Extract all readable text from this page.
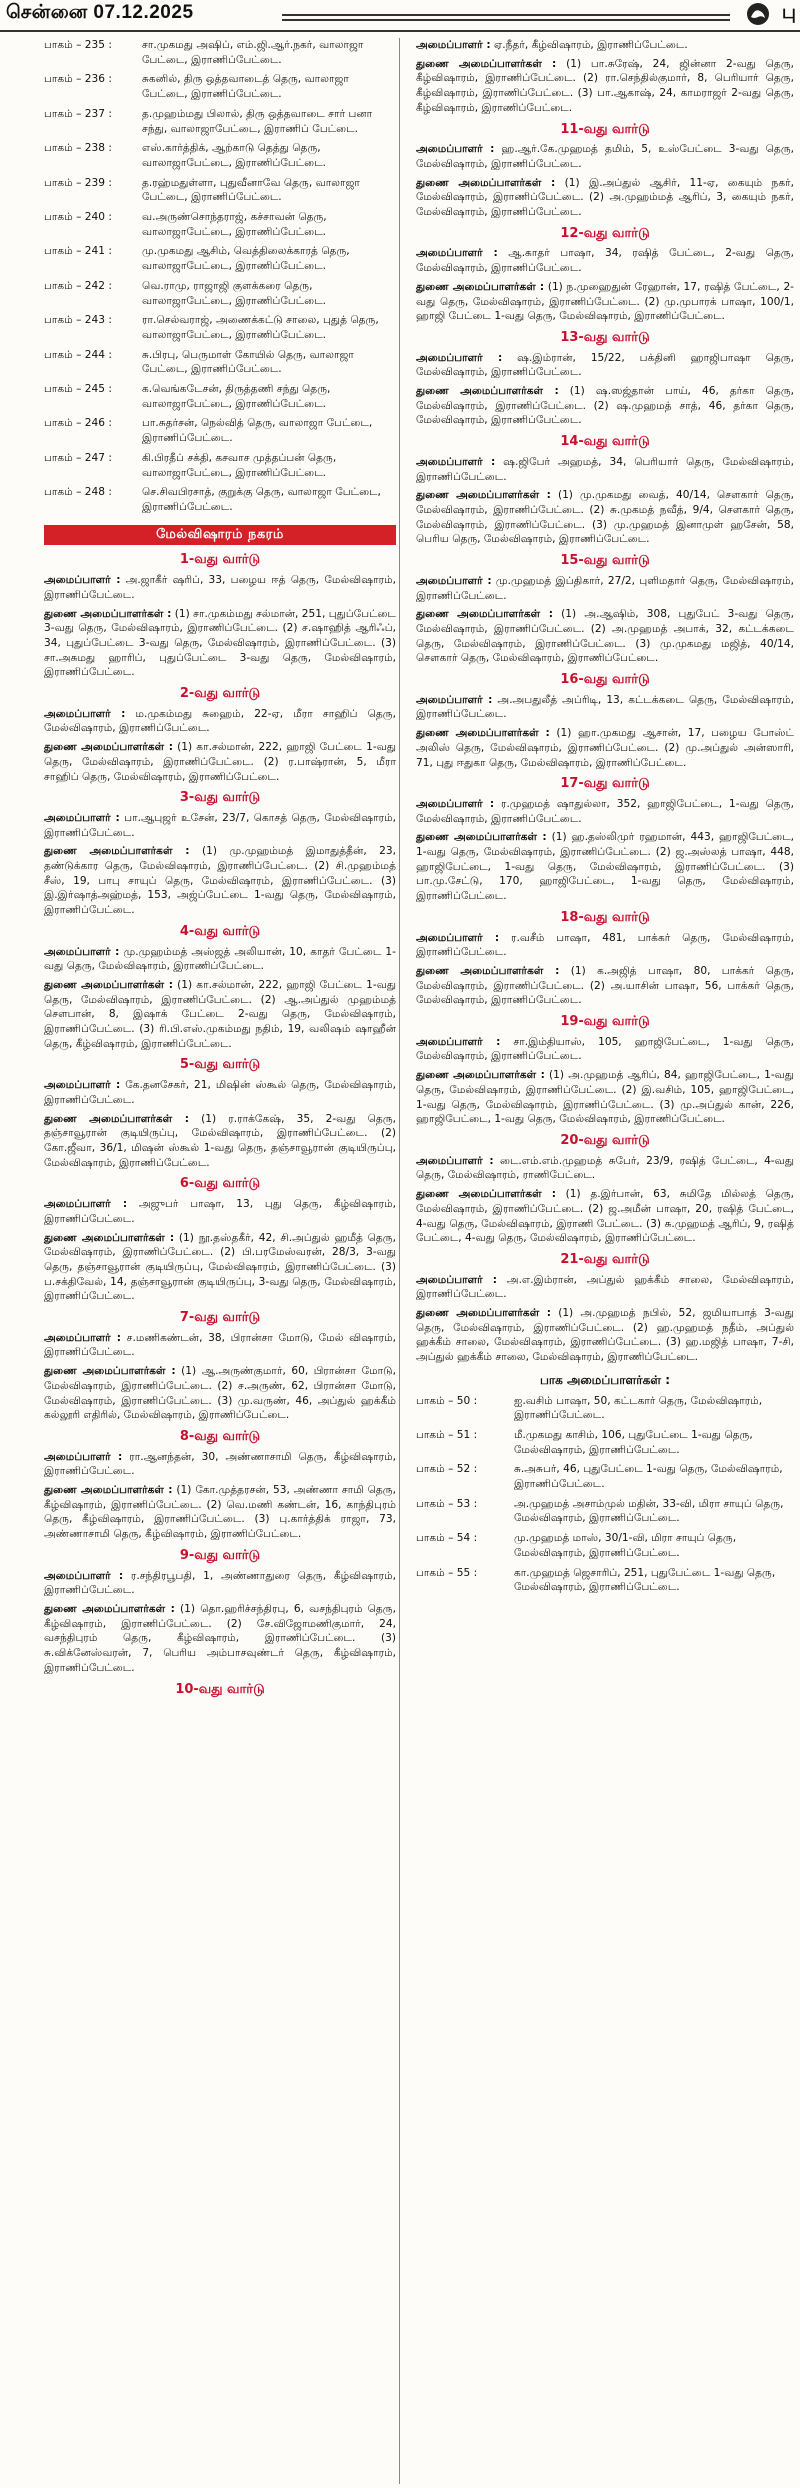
சென்னை 07.12.2025	பு
பாகம் – 235 :	சா.முகமது அஷிப், எம்.ஜி.ஆர்.நகர், வாலாஜா பேட்டை, இராணிப்பேட்டை.
பாகம் – 236 :	சுகனில், திரு ஒத்தவாடைத் தெரு, வாலாஜா பேட்டை, இராணிப்பேட்டை.
பாகம் – 237 :	த.முஹம்மது பிலால், திரு ஒத்தவாடை சார் பனா சந்து, வாலாஜாபேட்டை, இராணிப் பேட்டை.
பாகம் – 238 :	எஸ்.கார்த்திக், ஆற்காடு தெத்து தெரு, வாலாஜாபேட்டை, இராணிப்பேட்டை.
பாகம் – 239 :	த.ரஹ்மதுள்ளா, புதுவீனாவே தெரு, வாலாஜா பேட்டை, இராணிப்பேட்டை.
பாகம் – 240 :	வ.அருண்சொந்தராஜ், கச்சாவன் தெரு, வாலாஜாபேட்டை, இராணிப்பேட்டை.
பாகம் – 241 :	மு.முகமது ஆசிம், வெத்திலைக்காரத் தெரு, வாலாஜாபேட்டை, இராணிப்பேட்டை.
பாகம் – 242 :	வெ.ராமு, ராஜாஜி குளக்கரை தெரு, வாலாஜாபேட்டை, இராணிப்பேட்டை.
பாகம் – 243 :	ரா.செல்வராஜ், அணைக்கட்டு சாலை, புதுத் தெரு, வாலாஜாபேட்டை, இராணிப்பேட்டை.
பாகம் – 244 :	சு.பிரபு, பெருமாள் கோயில் தெரு, வாலாஜா பேட்டை, இராணிப்பேட்டை.
பாகம் – 245 :	க.வெங்கடேசன், திருத்தணி சந்து தெரு, வாலாஜாபேட்டை, இராணிப்பேட்டை.
பாகம் – 246 :	பா.சுதர்சன், நெல்வித் தெரு, வாலாஜா பேட்டை, இராணிப்பேட்டை.
பாகம் – 247 :	கி.பிரதீப் சக்தி, கசவாச முத்தப்பன் தெரு, வாலாஜாபேட்டை, இராணிப்பேட்டை.
பாகம் – 248 :	செ.சிவபிரசாத், குறுக்கு தெரு, வாலாஜா பேட்டை, இராணிப்பேட்டை.
மேல்விஷாரம் நகரம்
1-வது வார்டு
அமைப்பாளர் : அ.ஜாகீர் ஷரிப், 33, பழைய ஈத் தெரு, மேல்விஷாரம், இராணிப்பேட்டை.
துணை அமைப்பாளர்கள் : (1) சா.முகம்மது சல்மான், 251, புதுப்பேட்டை 3-வது தெரு, மேல்விஷாரம், இராணிப்பேட்டை. (2) ச.ஷாஹித் ஆரிஃப், 34, புதுப்பேட்டை 3-வது தெரு, மேல்விஷாரம், இராணிப்பேட்டை. (3) சா.அசுமது ஹாரிப், புதுப்பேட்டை 3-வது தெரு, மேல்விஷாரம், இராணிப்பேட்டை.
2-வது வார்டு
அமைப்பாளர் : ம.முகம்மது சுஹைம், 22-ஏ, மீரா சாஹிப் தெரு, மேல்விஷாரம், இராணிப்பேட்டை.
துணை அமைப்பாளர்கள் : (1) கா.சல்மான், 222, ஹாஜி பேட்டை 1-வது தெரு, மேல்விஷாரம், இராணிப்பேட்டை. (2) ர.பாஷ்ரான், 5, மீரா சாஹிப் தெரு, மேல்விஷாரம், இராணிப்பேட்டை.
3-வது வார்டு
அமைப்பாளர் : பா.ஆபுஜர் உசேன், 23/7, கொசத் தெரு, மேல்விஷாரம், இராணிப்பேட்டை.
துணை அமைப்பாளர்கள் : (1) மு.முஹம்மத் இமாதுத்தீன், 23, தண்டுக்கார தெரு, மேல்விஷாரம், இராணிப்பேட்டை. (2) சி.முஹம்மத் சீஸ், 19, பாபு சாயுப் தெரு, மேல்விஷாரம், இராணிப்பேட்டை. (3) இ.இர்ஷாத்அஹ்மத், 153, அஜ்ப்பேட்டை 1-வது தெரு, மேல்விஷாரம், இராணிப்பேட்டை.
4-வது வார்டு
அமைப்பாளர் : மு.முஹம்மத் அஸ்ஜத் அலியான், 10, காதர் பேட்டை 1-வது தெரு, மேல்விஷாரம், இராணிப்பேட்டை.
துணை அமைப்பாளர்கள் : (1) கா.சல்மான், 222, ஹாஜி பேட்டை 1-வது தெரு, மேல்விஷாரம், இராணிப்பேட்டை. (2) ஆ.அப்துல் முஹம்மத் சௌபான், 8, இஷாக் பேட்டை 2-வது தெரு, மேல்விஷாரம், இராணிப்பேட்டை. (3) ரி.பி.எஸ்.முகம்மது நதிம், 19, வலிஷம் ஷாஹீன் தெரு, கீழ்விஷாரம், இராணிப்பேட்டை.
5-வது வார்டு
அமைப்பாளர் : கே.தனசேகர், 21, மிஷின் ஸ்கூல் தெரு, மேல்விஷாரம், இராணிப்பேட்டை.
துணை அமைப்பாளர்கள் : (1) ர.ராக்கேஷ், 35, 2-வது தெரு, தஞ்சாவூரான் குடியிருப்பு, மேல்விஷாரம், இராணிப்பேட்டை. (2) கோ.ஜீவா, 36/1, மிஷன் ஸ்கூல் 1-வது தெரு, தஞ்சாவூரான் குடியிருப்பு, மேல்விஷாரம், இராணிப்பேட்டை.
6-வது வார்டு
அமைப்பாளர் : அஜுபர் பாஷா, 13, புது தெரு, கீழ்விஷாரம், இராணிப்பேட்டை.
துணை அமைப்பாளர்கள் : (1) நூ.தஸ்தகீர், 42, சி.அப்துல் ஹமீத் தெரு, மேல்விஷாரம், இராணிப்பேட்டை. (2) பி.பரமேஸ்வரன், 28/3, 3-வது தெரு, தஞ்சாவூரான் குடியிருப்பு, மேல்விஷாரம், இராணிப்பேட்டை. (3) ப.சக்திவேல், 14, தஞ்சாவூரான் குடியிருப்பு, 3-வது தெரு, மேல்விஷாரம், இராணிப்பேட்டை.
7-வது வார்டு
அமைப்பாளர் : ச.மணிகண்டன், 38, பிரான்சா மோடு, மேல் விஷாரம், இராணிப்பேட்டை.
துணை அமைப்பாளர்கள் : (1) ஆ.அருண்குமார், 60, பிரான்சா மோடு, மேல்விஷாரம், இராணிப்பேட்டை. (2) ச.அருண், 62, பிரான்சா மோடு, மேல்விஷாரம், இராணிப்பேட்டை. (3) மு.வருண், 46, அப்துல் ஹக்கீம் கல்லூரி எதிரில், மேல்விஷாரம், இராணிப்பேட்டை.
8-வது வார்டு
அமைப்பாளர் : ரா.ஆனந்தன், 30, அண்ணாசாமி தெரு, கீழ்விஷாரம், இராணிப்பேட்டை.
துணை அமைப்பாளர்கள் : (1) கோ.முத்தரசன், 53, அண்ணா சாமி தெரு, கீழ்விஷாரம், இராணிப்பேட்டை. (2) வெ.மணி கண்டன், 16, காந்திபுரம் தெரு, கீழ்விஷாரம், இராணிப்பேட்டை. (3) பு.கார்த்திக் ராஜா, 73, அண்ணாசாமி தெரு, கீழ்விஷாரம், இராணிப்பேட்டை.
9-வது வார்டு
அமைப்பாளர் : ர.சந்திரபூபதி, 1, அண்ணாதுரை தெரு, கீழ்விஷாரம், இராணிப்பேட்டை.
துணை அமைப்பாளர்கள் : (1) தொ.ஹரிச்சந்திரபு, 6, வசந்திபுரம் தெரு, கீழ்விஷாரம், இராணிப்பேட்டை. (2) சே.விஜோமணிகுமார், 24, வசந்திபுரம் தெரு, கீழ்விஷாரம், இராணிப்பேட்டை. (3) சு.விக்னேஸ்வரன், 7, பெரிய அம்பாசவுண்டர் தெரு, கீழ்விஷாரம், இராணிப்பேட்டை.
10-வது வார்டு
அமைப்பாளர் : ஏ.நீதர், கீழ்விஷாரம், இராணிப்பேட்டை.
துணை அமைப்பாளர்கள் : (1) பா.சுரேஷ், 24, ஜின்னா 2-வது தெரு, கீழ்விஷாரம், இராணிப்பேட்டை. (2) ரா.செந்தில்குமார், 8, பெரியார் தெரு, கீழ்விஷாரம், இராணிப்பேட்டை. (3) பா.ஆகாஷ், 24, காமராஜர் 2-வது தெரு, கீழ்விஷாரம், இராணிப்பேட்டை.
11-வது வார்டு
அமைப்பாளர் : ஹ.ஆர்.கே.முஹமத் தமிம், 5, உஸ்பேட்டை 3-வது தெரு, மேல்விஷாரம், இராணிப்பேட்டை.
துணை அமைப்பாளர்கள் : (1) இ.அப்துல் ஆசிர், 11-ஏ, கையும் நகர், மேல்விஷாரம், இராணிப்பேட்டை. (2) அ.முஹம்மத் ஆரிப், 3, கையும் நகர், மேல்விஷாரம், இராணிப்பேட்டை.
12-வது வார்டு
அமைப்பாளர் : ஆ.காதர் பாஷா, 34, ரஷித் பேட்டை, 2-வது தெரு, மேல்விஷாரம், இராணிப்பேட்டை.
துணை அமைப்பாளர்கள் : (1) ந.முஹைதுன் ரேஹான், 17, ரஷித் பேட்டை, 2-வது தெரு, மேல்விஷாரம், இராணிப்பேட்டை. (2) மு.முபாரக் பாஷா, 100/1, ஹாஜி பேட்டை 1-வது தெரு, மேல்விஷாரம், இராணிப்பேட்டை.
13-வது வார்டு
அமைப்பாளர் : ஷ.இம்ரான், 15/22, பக்தினி ஹாஜிபாஷா தெரு, மேல்விஷாரம், இராணிப்பேட்டை.
துணை அமைப்பாளர்கள் : (1) ஷ.ஸஜ்தான் பாய், 46, தர்கா தெரு, மேல்விஷாரம், இராணிப்பேட்டை. (2) ஷ.முஹமத் சாத், 46, தர்கா தெரு, மேல்விஷாரம், இராணிப்பேட்டை.
14-வது வார்டு
அமைப்பாளர் : ஷ.ஜிபேர் அஹமத், 34, பெரியார் தெரு, மேல்விஷாரம், இராணிப்பேட்டை.
துணை அமைப்பாளர்கள் : (1) மு.முகமது வைத், 40/14, சௌகார் தெரு, மேல்விஷாரம், இராணிப்பேட்டை. (2) சு.முகமத் நவீத், 9/4, சௌகார் தெரு, மேல்விஷாரம், இராணிப்பேட்டை. (3) மு.முஹமத் இனாமுள் ஹசேன், 58, பெரிய தெரு, மேல்விஷாரம், இராணிப்பேட்டை.
15-வது வார்டு
அமைப்பாளர் : மு.முஹமத் இப்திகார், 27/2, புளிமதார் தெரு, மேல்விஷாரம், இராணிப்பேட்டை.
துணை அமைப்பாளர்கள் : (1) அ.ஆஷிம், 308, புதுபேட் 3-வது தெரு, மேல்விஷாரம், இராணிப்பேட்டை. (2) அ.முஹமத் அபாக், 32, கட்டக்கடை தெரு, மேல்விஷாரம், இராணிப்பேட்டை. (3) மு.முகமது மஜித், 40/14, சௌகார் தெரு, மேல்விஷாரம், இராணிப்பேட்டை.
16-வது வார்டு
அமைப்பாளர் : அ.அபதுலீத் அப்ரிடி, 13, கட்டக்கடை தெரு, மேல்விஷாரம், இராணிப்பேட்டை.
துணை அமைப்பாளர்கள் : (1) ஹா.முகமது ஆசான், 17, பழைய போஸ்ட் அலிஸ் தெரு, மேல்விஷாரம், இராணிப்பேட்டை. (2) மு.அப்துல் அன்ஸாரி, 71, புது ஈதுகா தெரு, மேல்விஷாரம், இராணிப்பேட்டை.
17-வது வார்டு
அமைப்பாளர் : ர.முஹமத் ஷாதுல்லா, 352, ஹாஜிபேட்டை, 1-வது தெரு, மேல்விஷாரம், இராணிப்பேட்டை.
துணை அமைப்பாளர்கள் : (1) ஹ.தஸ்லிமுர் ரஹமான், 443, ஹாஜிபேட்டை, 1-வது தெரு, மேல்விஷாரம், இராணிப்பேட்டை. (2) ஜ.அஸ்லத் பாஷா, 448, ஹாஜிபேட்டை, 1-வது தெரு, மேல்விஷாரம், இராணிப்பேட்டை. (3) பா.மு.சேட்டு, 170, ஹாஜிபேட்டை, 1-வது தெரு, மேல்விஷாரம், இராணிப்பேட்டை.
18-வது வார்டு
அமைப்பாளர் : ர.வசீம் பாஷா, 481, பாக்கர் தெரு, மேல்விஷாரம், இராணிப்பேட்டை.
துணை அமைப்பாளர்கள் : (1) க.அஜித் பாஷா, 80, பாக்கர் தெரு, மேல்விஷாரம், இராணிப்பேட்டை. (2) அ.யாசின் பாஷா, 56, பாக்கர் தெரு, மேல்விஷாரம், இராணிப்பேட்டை.
19-வது வார்டு
அமைப்பாளர் : சா.இம்தியாஸ், 105, ஹாஜிபேட்டை, 1-வது தெரு, மேல்விஷாரம், இராணிப்பேட்டை.
துணை அமைப்பாளர்கள் : (1) அ.முஹமத் ஆரிப், 84, ஹாஜிபேட்டை, 1-வது தெரு, மேல்விஷாரம், இராணிப்பேட்டை. (2) இ.வசிம், 105, ஹாஜிபேட்டை, 1-வது தெரு, மேல்விஷாரம், இராணிப்பேட்டை. (3) மு.அப்துல் கான், 226, ஹாஜிபேட்டை, 1-வது தெரு, மேல்விஷாரம், இராணிப்பேட்டை.
20-வது வார்டு
அமைப்பாளர் : டை.எம்.எம்.முஹமத் சுபேர், 23/9, ரஷித் பேட்டை, 4-வது தெரு, மேல்விஷாரம், ராணிபேட்டை.
துணை அமைப்பாளர்கள் : (1) த.இர்பான், 63, சுமிதே மில்லத் தெரு, மேல்விஷாரம், இராணிப்பேட்டை. (2) ஜ.அமீன் பாஷா, 20, ரஷித் பேட்டை, 4-வது தெரு, மேல்விஷாரம், இராணி பேட்டை. (3) சு.முஹமத் ஆரிப், 9, ரஷித் பேட்டை, 4-வது தெரு, மேல்விஷாரம், இராணிப்பேட்டை.
21-வது வார்டு
அமைப்பாளர் : அ.எ.இம்ரான், அப்துல் ஹக்கீம் சாலை, மேல்விஷாரம், இராணிப்பேட்டை.
துணை அமைப்பாளர்கள் : (1) அ.முஹமத் நபில், 52, ஜமியாபாத் 3-வது தெரு, மேல்விஷாரம், இராணிப்பேட்டை. (2) ஹ.முஹமத் நதீம், அப்துல் ஹக்கீம் சாலை, மேல்விஷாரம், இராணிப்பேட்டை. (3) ஹ.மஜித் பாஷா, 7-சி, அப்துல் ஹக்கீம் சாலை, மேல்விஷாரம், இராணிப்பேட்டை.
பாக அமைப்பாளர்கள் :
பாகம் – 50 :	ஐ.வசிம் பாஷா, 50, கட்டகார் தெரு, மேல்விஷாரம், இராணிப்பேட்டை.
பாகம் – 51 :	மீ.முகமது காசிம், 106, புதுபேட்டை 1-வது தெரு, மேல்விஷாரம், இராணிப்பேட்டை.
பாகம் – 52 :	சு.அசுபர், 46, புதுபேட்டை 1-வது தெரு, மேல்விஷாரம், இராணிப்பேட்டை.
பாகம் – 53 :	அ.முஹமத் அசாம்முல் மதின், 33-வி, மிரா சாயுப் தெரு, மேல்விஷாரம், இராணிப்பேட்டை.
பாகம் – 54 :	மு.முஹமத் மாஸ், 30/1-வி, மிரா சாயுப் தெரு, மேல்விஷாரம், இராணிப்பேட்டை.
பாகம் – 55 :	கா.முஹமத் ஜெசாரிப், 251, புதுபேட்டை 1-வது தெரு, மேல்விஷாரம், இராணிப்பேட்டை.
